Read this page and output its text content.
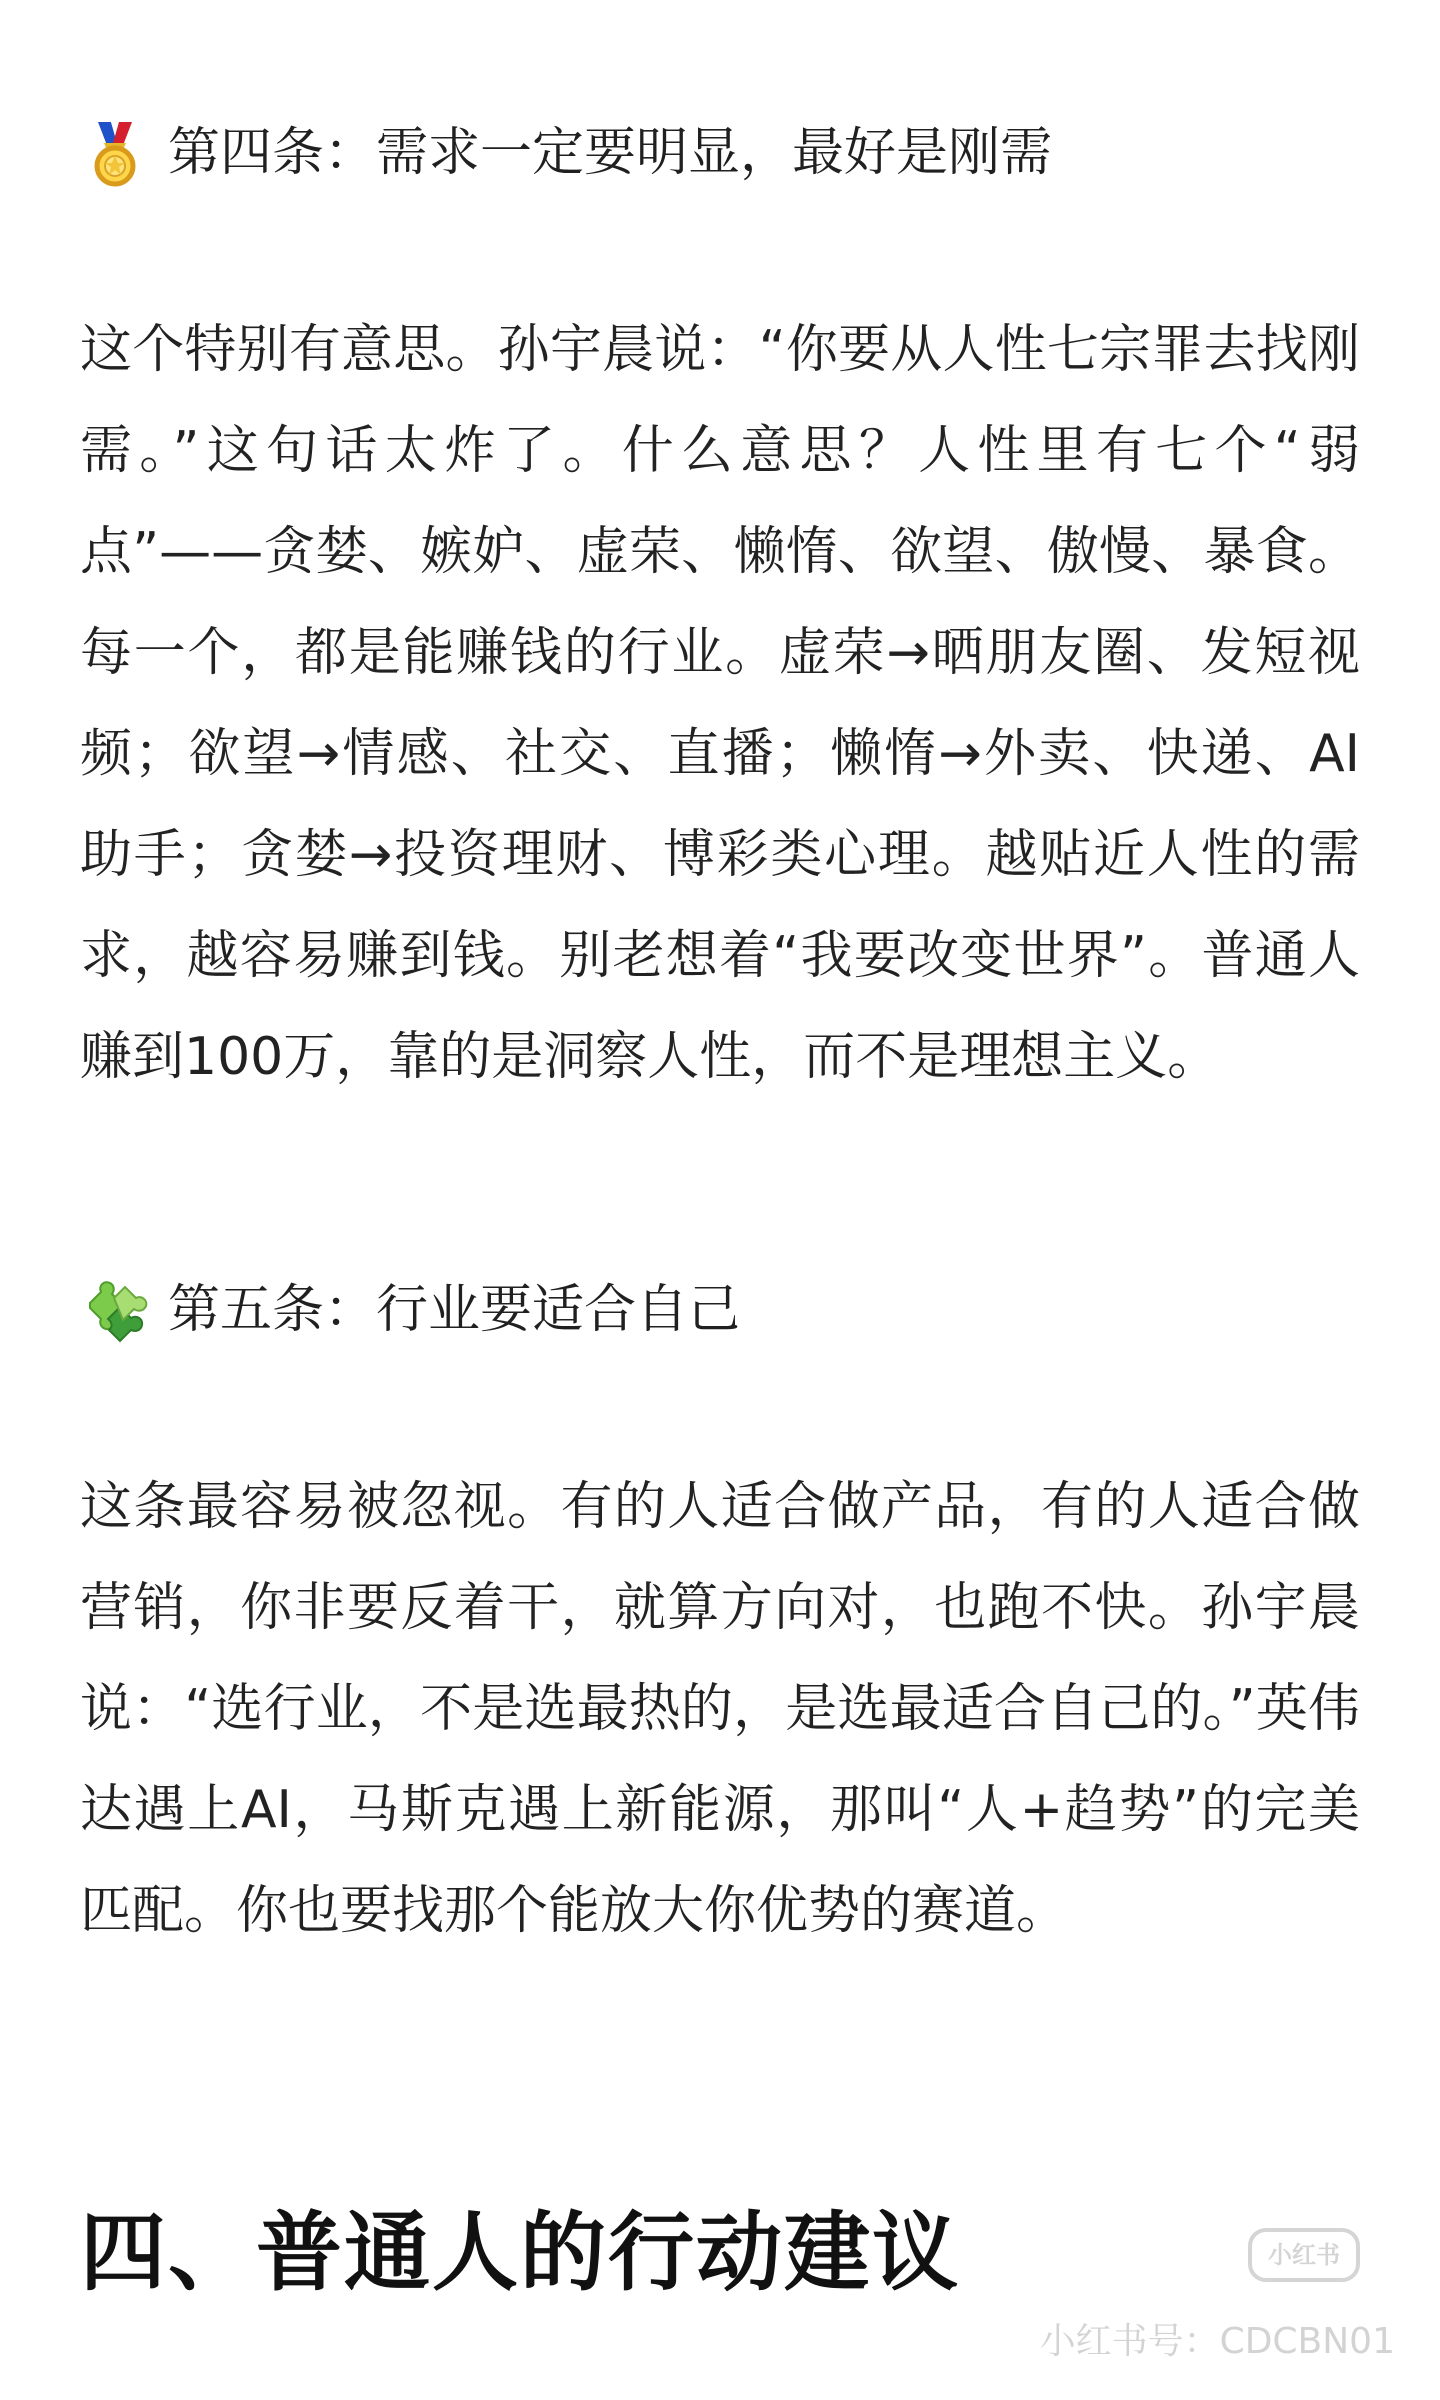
第四条：需求一定要明显，最好是刚需

这个特别有意思。孙宇晨说：“你要从人性七宗罪去找刚需。”这句话太炸了。什么意思？人性里有七个“弱点”——贪婪、嫉妒、虚荣、懒惰、欲望、傲慢、暴食。每一个，都是能赚钱的行业。虚荣→晒朋友圈、发短视频；欲望→情感、社交、直播；懒惰→外卖、快递、AI助手；贪婪→投资理财、博彩类心理。越贴近人性的需求，越容易赚到钱。别老想着“我要改变世界”。普通人赚到100万，靠的是洞察人性，而不是理想主义。

第五条：行业要适合自己

这条最容易被忽视。有的人适合做产品，有的人适合做营销，你非要反着干，就算方向对，也跑不快。孙宇晨说：“选行业，不是选最热的，是选最适合自己的。”英伟达遇上AI，马斯克遇上新能源，那叫“人+趋势”的完美匹配。你也要找那个能放大你优势的赛道。

四、普通人的行动建议	小红书
小红书号：CDCBN01
